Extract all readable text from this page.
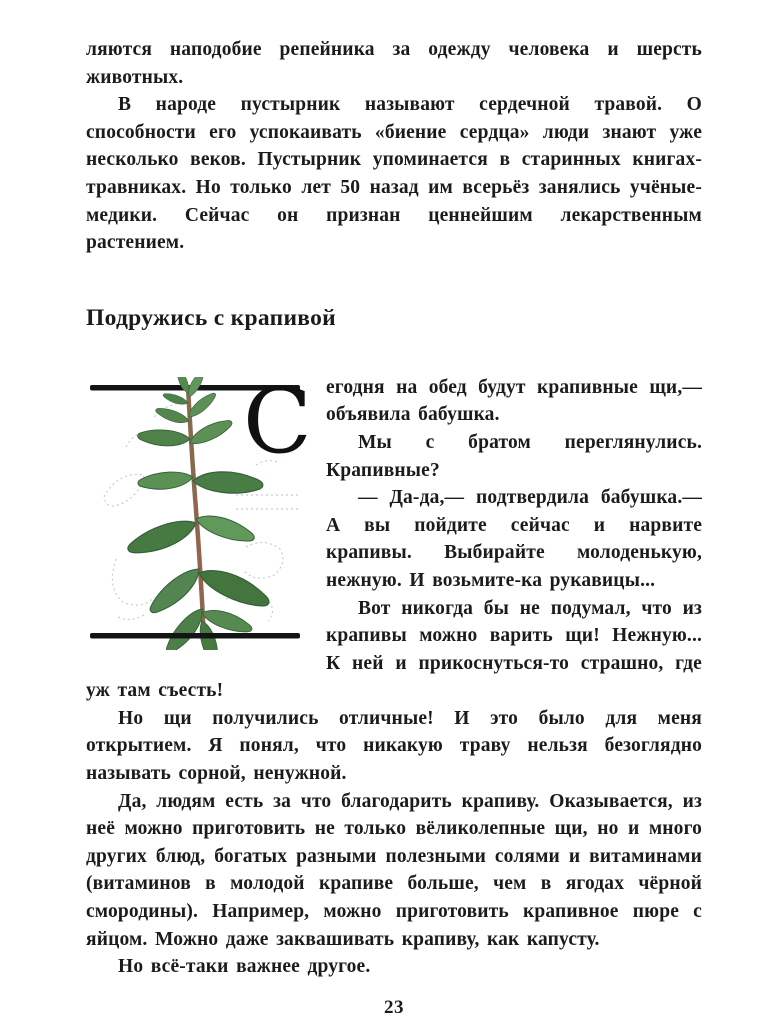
ляются наподобие репейника за одежду человека и шерсть животных.

В народе пустырник называют сердечной травой. О способности его успокаивать «биение сердца» люди знают уже несколько веков. Пустырник упоминается в старинных книгах-травниках. Но только лет 50 назад им всерьёз занялись учёные-медики. Сейчас он признан ценнейшим лекарственным растением.

Подружись с крапивой
С егодня на обед будут крапивные щи,— объявила бабушка.

Мы с братом переглянулись. Крапивные?

— Да-да,— подтвердила бабушка.— А вы пойдите сейчас и нарвите крапивы. Выбирайте молоденькую, нежную. И возьмите-ка рукавицы...

Вот никогда бы не подумал, что из крапивы можно варить щи! Нежную... К ней и прикоснуться-то страшно, где уж там съесть!

Но щи получились отличные! И это было для меня открытием. Я понял, что никакую траву нельзя безоглядно называть сорной, ненужной.

Да, людям есть за что благодарить крапиву. Оказывается, из неё можно приготовить не только вёликолепные щи, но и много других блюд, богатых разными полезными солями и витаминами (витаминов в молодой крапиве больше, чем в ягодах чёрной смородины). Например, можно приготовить крапивное пюре с яйцом. Можно даже заквашивать крапиву, как капусту.

Но всё-таки важнее другое.

23
